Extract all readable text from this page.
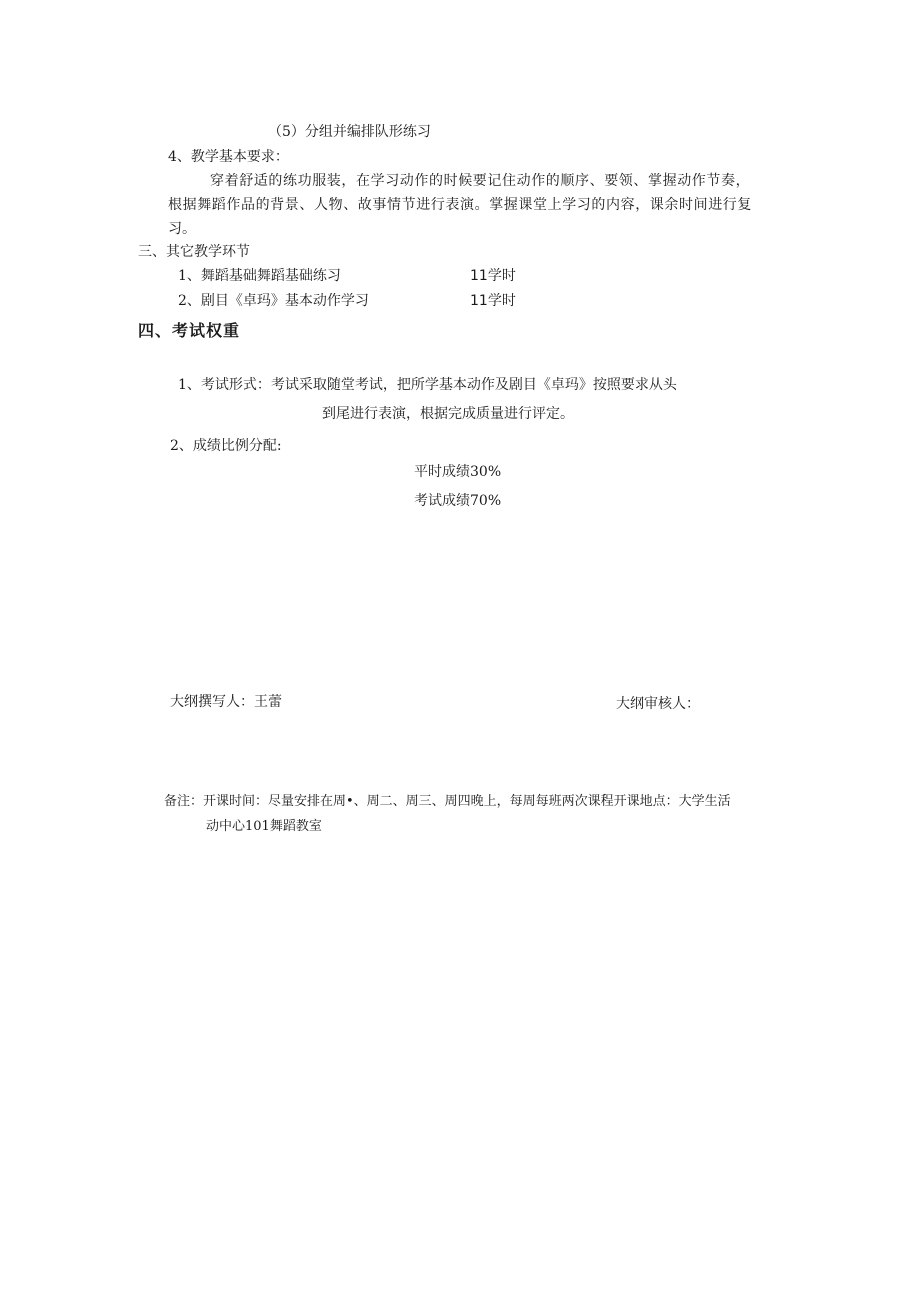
（5）分组并编排队形练习
4、教学基本要求：
穿着舒适的练功服装，在学习动作的时候要记住动作的顺序、要领、掌握动作节奏，
根据舞蹈作品的背景、人物、故事情节进行表演。掌握课堂上学习的内容，课余时间进行复
习。
三、其它教学环节
1、舞蹈基础舞蹈基础练习	11学时
2、剧目《卓玛》基本动作学习	11学时
四、考试权重
1、考试形式：考试采取随堂考试，把所学基本动作及剧目《卓玛》按照要求从头
到尾进行表演，根据完成质量进行评定。
2、成绩比例分配:
平时成绩30%
考试成绩70%
大纲撰写人：王蕾	大纲审核人：
备注：开课时间：尽量安排在周•、周二、周三、周四晚上，每周每班两次课程开课地点：大学生活
动中心101舞蹈教室
